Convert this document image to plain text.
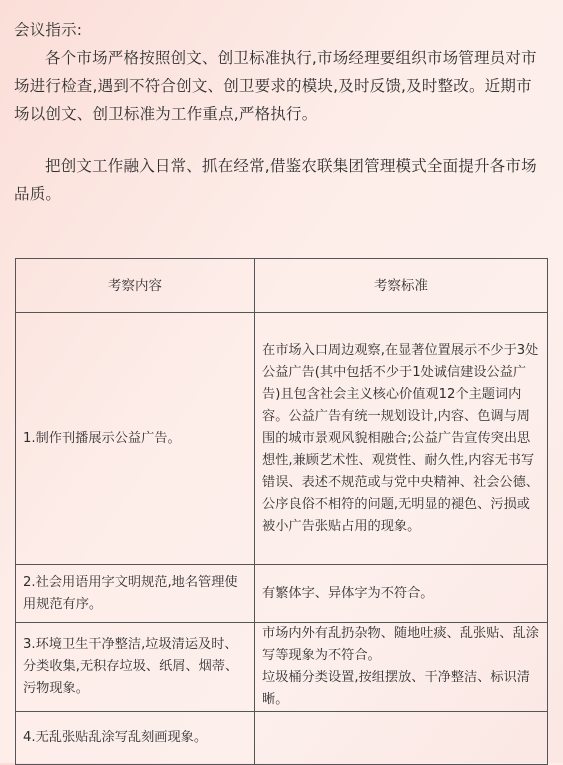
会议指示:

各个市场严格按照创文、创卫标准执行,市场经理要组织市场管理员对市场进行检查,遇到不符合创文、创卫要求的模块,及时反馈,及时整改。近期市场以创文、创卫标准为工作重点,严格执行。

把创文工作融入日常、抓在经常,借鉴农联集团管理模式全面提升各市场品质。

考察内容	考察标准
1.制作刊播展示公益广告。	在市场入口周边观察,在显著位置展示不少于3处公益广告(其中包括不少于1处诚信建设公益广告)且包含社会主义核心价值观12个主题词内容。公益广告有统一规划设计,内容、色调与周围的城市景观风貌相融合;公益广告宣传突出思想性,兼顾艺术性、观赏性、耐久性,内容无书写错误、表述不规范或与党中央精神、社会公德、公序良俗不相符的问题,无明显的褪色、污损或被小广告张贴占用的现象。
2.社会用语用字文明规范,地名管理使用规范有序。	有繁体字、异体字为不符合。
3.环境卫生干净整洁,垃圾清运及时、分类收集,无积存垃圾、纸屑、烟蒂、污物现象。	市场内外有乱扔杂物、随地吐痰、乱张贴、乱涂写等现象为不符合。
垃圾桶分类设置,按组摆放、干净整洁、标识清晰。

4.无乱张贴乱涂写乱刻画现象。	
